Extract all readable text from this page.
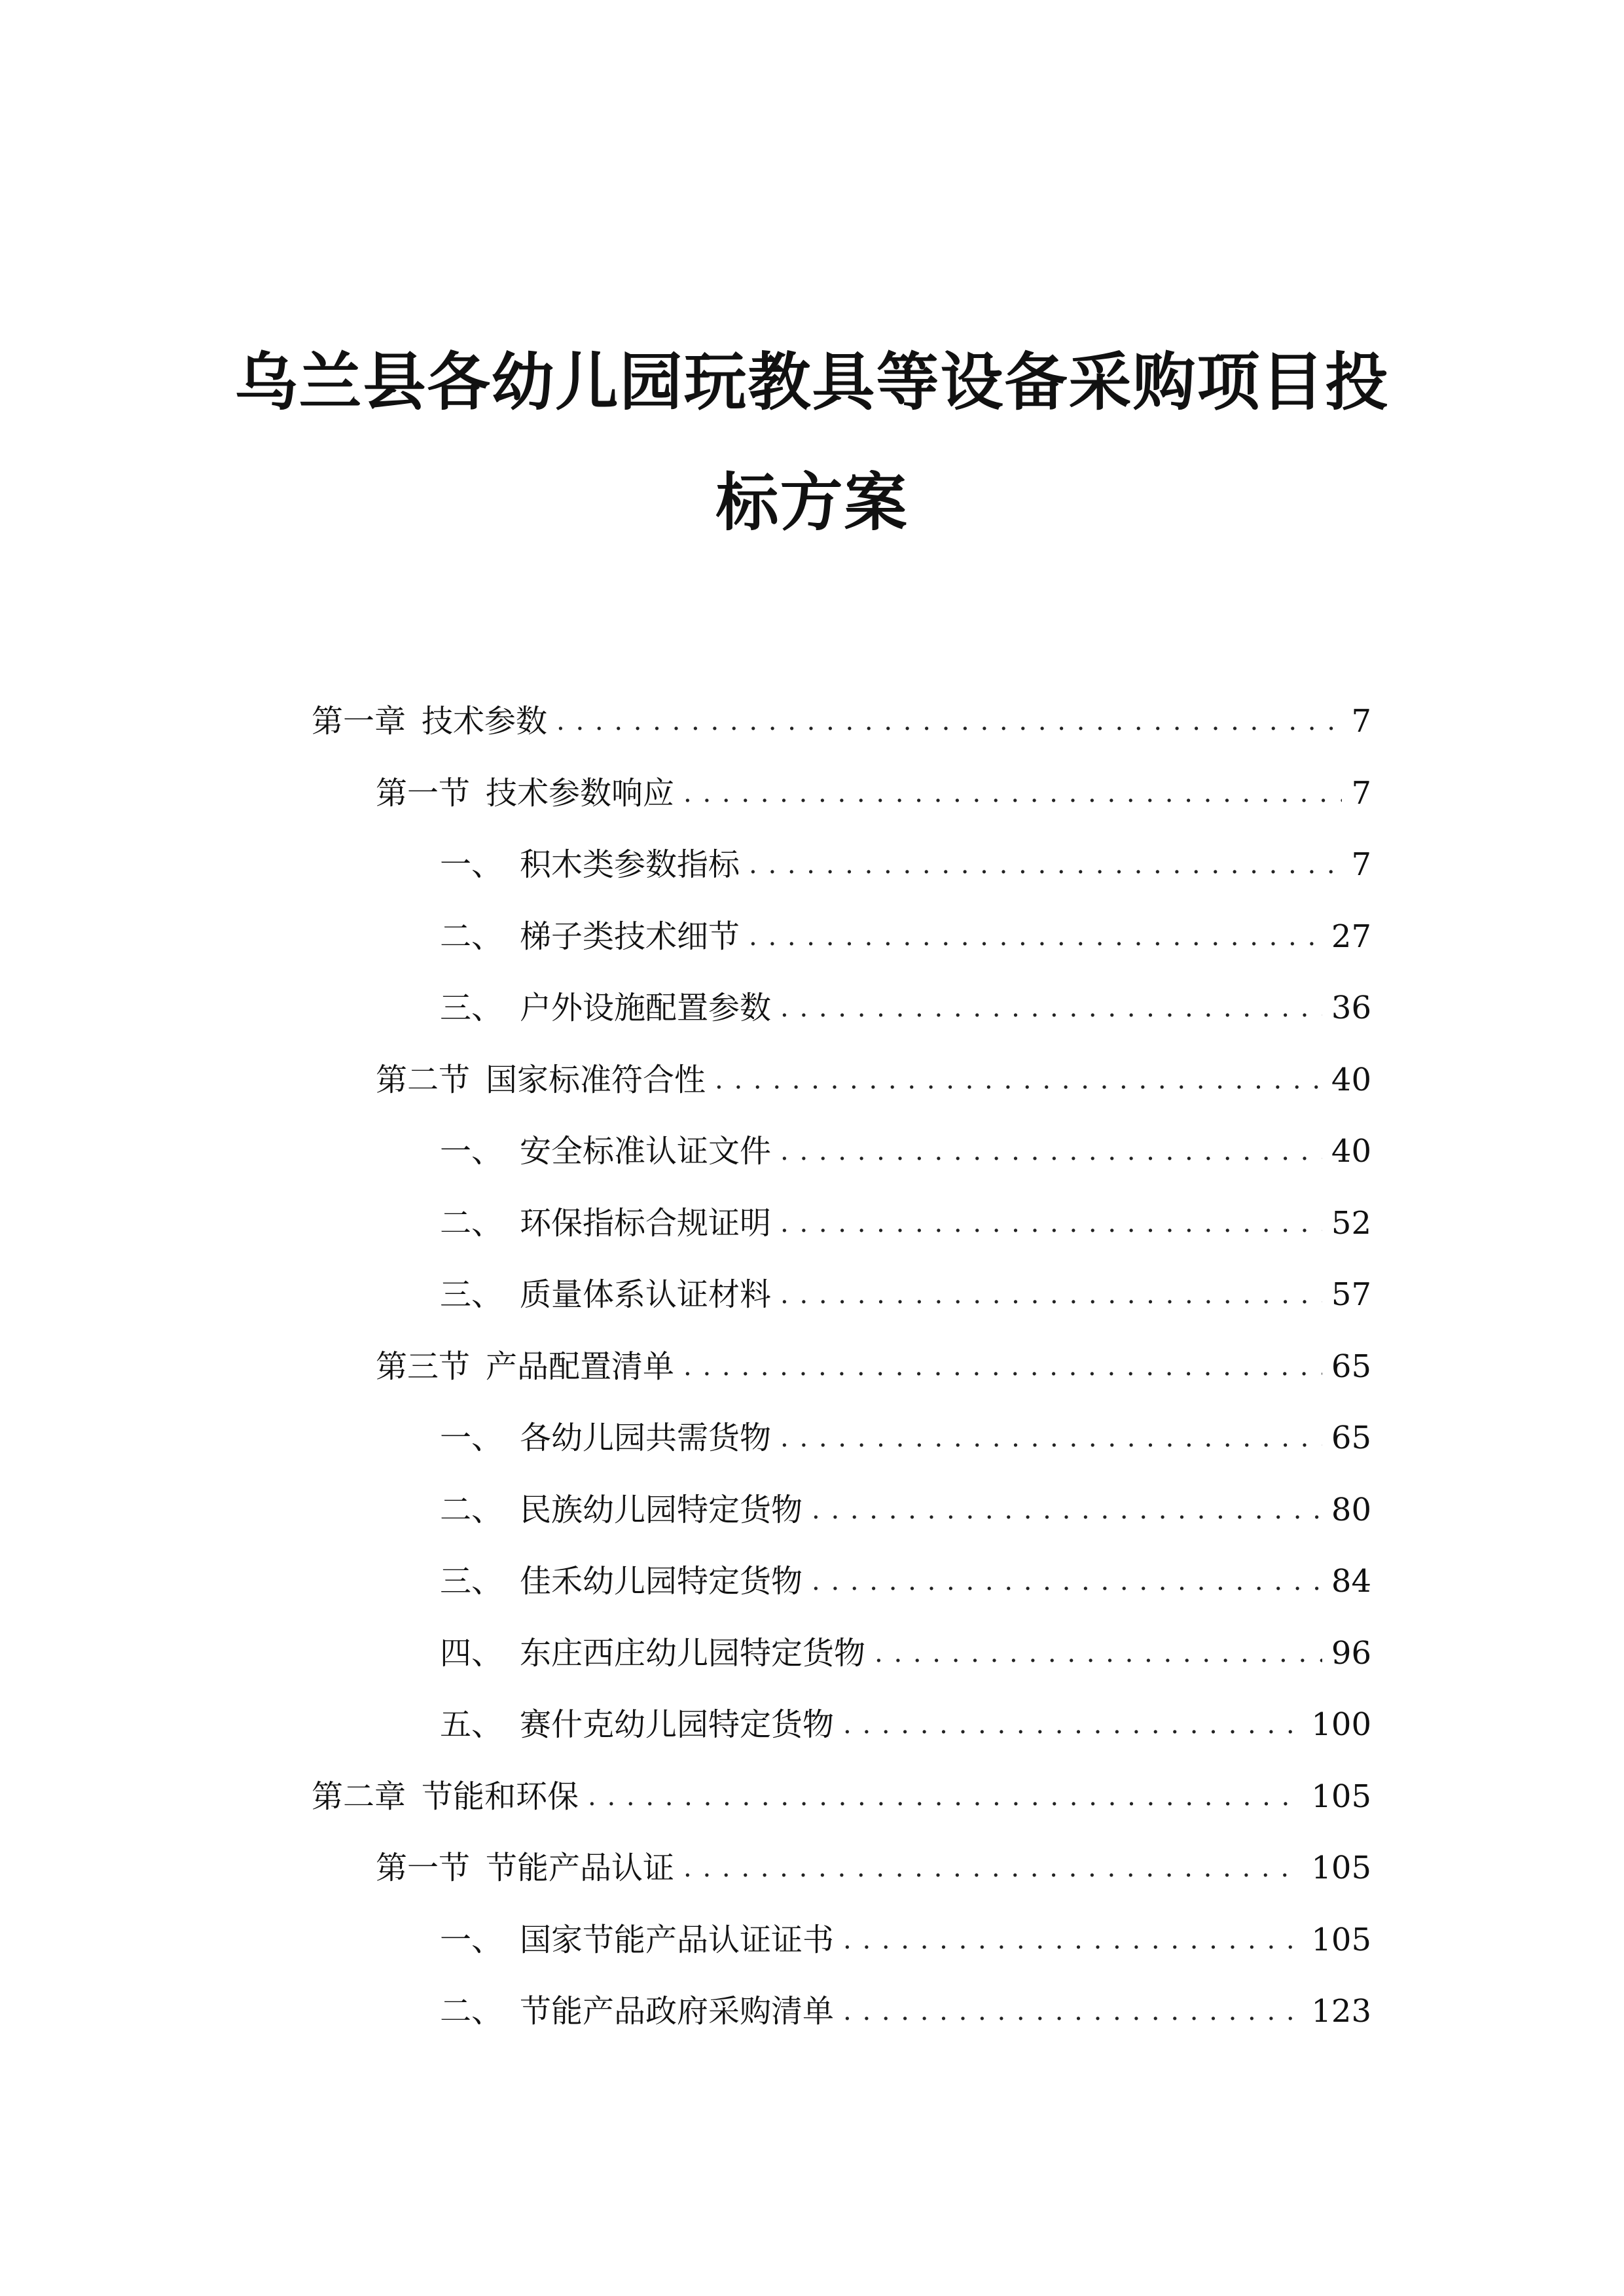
乌兰县各幼儿园玩教具等设备采购项目投
标方案
第一章 技术参数 . . .	7
第一节 技术参数响应 . . .	7
一、 积木类参数指标 . . .	7
二、 梯子类技术细节 . . .	27
三、 户外设施配置参数 . . .	36
第二节 国家标准符合性 . . .	40
一、 安全标准认证文件 . . .	40
二、 环保指标合规证明 . . .	52
三、 质量体系认证材料 . . .	57
第三节 产品配置清单 . . .	65
一、 各幼儿园共需货物 . . .	65
二、 民族幼儿园特定货物 . . .	80
三、 佳禾幼儿园特定货物 . . .	84
四、 东庄西庄幼儿园特定货物 . . .	96
五、 赛什克幼儿园特定货物 . . .	100
第二章 节能和环保 . . .	105
第一节 节能产品认证 . . .	105
一、 国家节能产品认证证书 . . .	105
二、 节能产品政府采购清单 . . .	123
